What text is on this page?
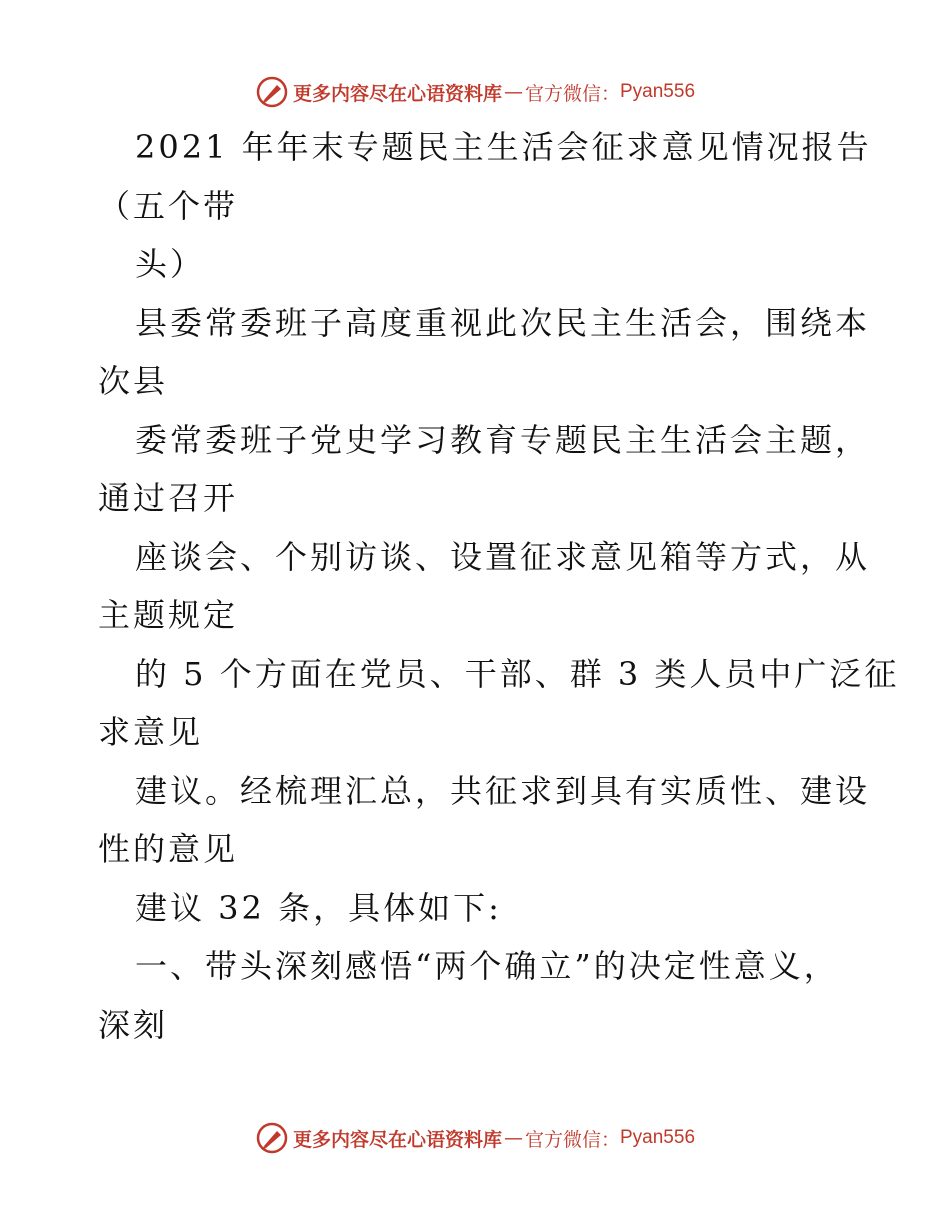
更多内容尽在心语资料库 — 官方微信： Pyan556
2021 年年末专题民主生活会征求意见情况报告
（五个带
头）
县委常委班子高度重视此次民主生活会，围绕本
次县
委常委班子党史学习教育专题民主生活会主题，
通过召开
座谈会、个别访谈、设置征求意见箱等方式，从
主题规定
的 5 个方面在党员、干部、群 3 类人员中广泛征
求意见
建议。经梳理汇总，共征求到具有实质性、建设
性的意见
建议 32 条，具体如下:
一、带头深刻感悟“两个确立”的决定性意义，
深刻
更多内容尽在心语资料库 — 官方微信： Pyan556
